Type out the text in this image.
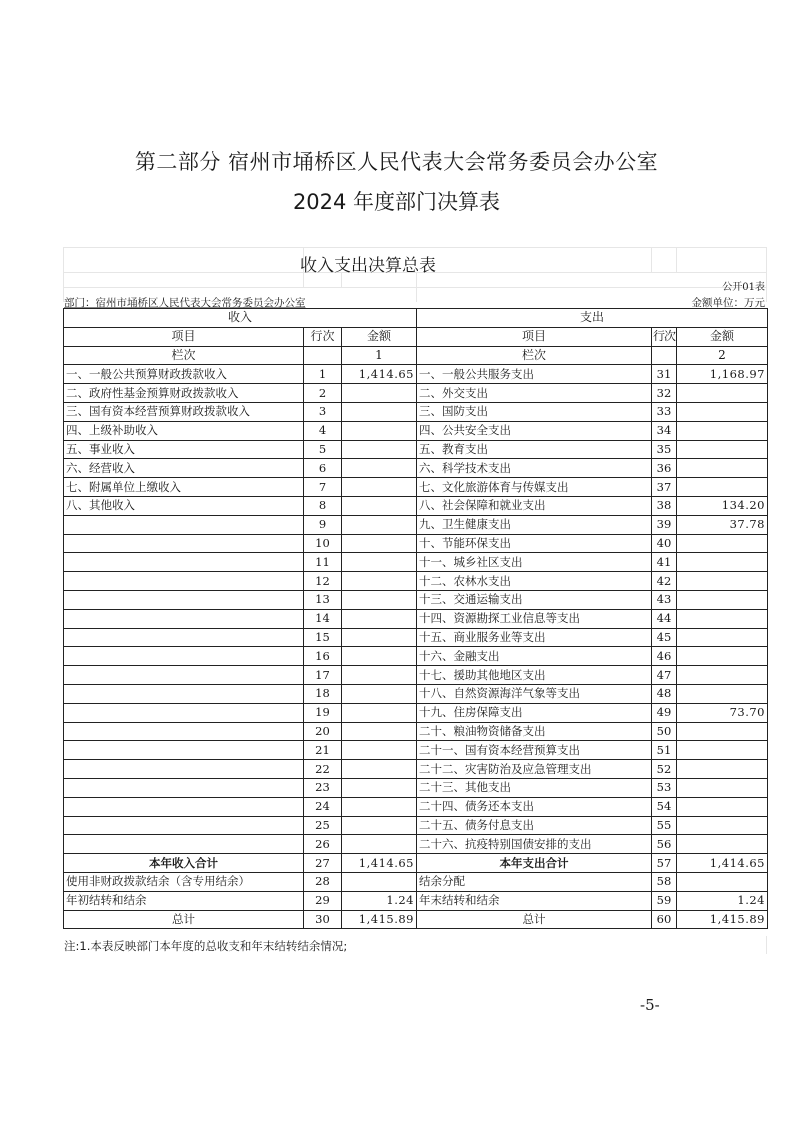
第二部分 宿州市埇桥区人民代表大会常务委员会办公室
2024 年度部门决算表
收入支出决算总表
公开01表
部门：宿州市埇桥区人民代表大会常务委员会办公室	金额单位：万元
收入			支出		
项目	行次	金额	项目	行次	金额
栏次		1	栏次		2
一、一般公共预算财政拨款收入	1	1,414.65	一、一般公共服务支出	31	1,168.97
二、政府性基金预算财政拨款收入	2		二、外交支出	32	
三、国有资本经营预算财政拨款收入	3		三、国防支出	33	
四、上级补助收入	4		四、公共安全支出	34	
五、事业收入	5		五、教育支出	35	
六、经营收入	6		六、科学技术支出	36	
七、附属单位上缴收入	7		七、文化旅游体育与传媒支出	37	
八、其他收入	8		八、社会保障和就业支出	38	134.20
	9		九、卫生健康支出	39	37.78
	10		十、节能环保支出	40	
	11		十一、城乡社区支出	41	
	12		十二、农林水支出	42	
	13		十三、交通运输支出	43	
	14		十四、资源勘探工业信息等支出	44	
	15		十五、商业服务业等支出	45	
	16		十六、金融支出	46	
	17		十七、援助其他地区支出	47	
	18		十八、自然资源海洋气象等支出	48	
	19		十九、住房保障支出	49	73.70
	20		二十、粮油物资储备支出	50	
	21		二十一、国有资本经营预算支出	51	
	22		二十二、灾害防治及应急管理支出	52	
	23		二十三、其他支出	53	
	24		二十四、债务还本支出	54	
	25		二十五、债务付息支出	55	
	26		二十六、抗疫特别国债安排的支出	56	
本年收入合计	27	1,414.65	本年支出合计	57	1,414.65
使用非财政拨款结余（含专用结余）	28		结余分配	58	
年初结转和结余	29	1.24	年末结转和结余	59	1.24
总计	30	1,415.89	总计	60	1,415.89
注:1.本表反映部门本年度的总收支和年末结转结余情况;
-5-
